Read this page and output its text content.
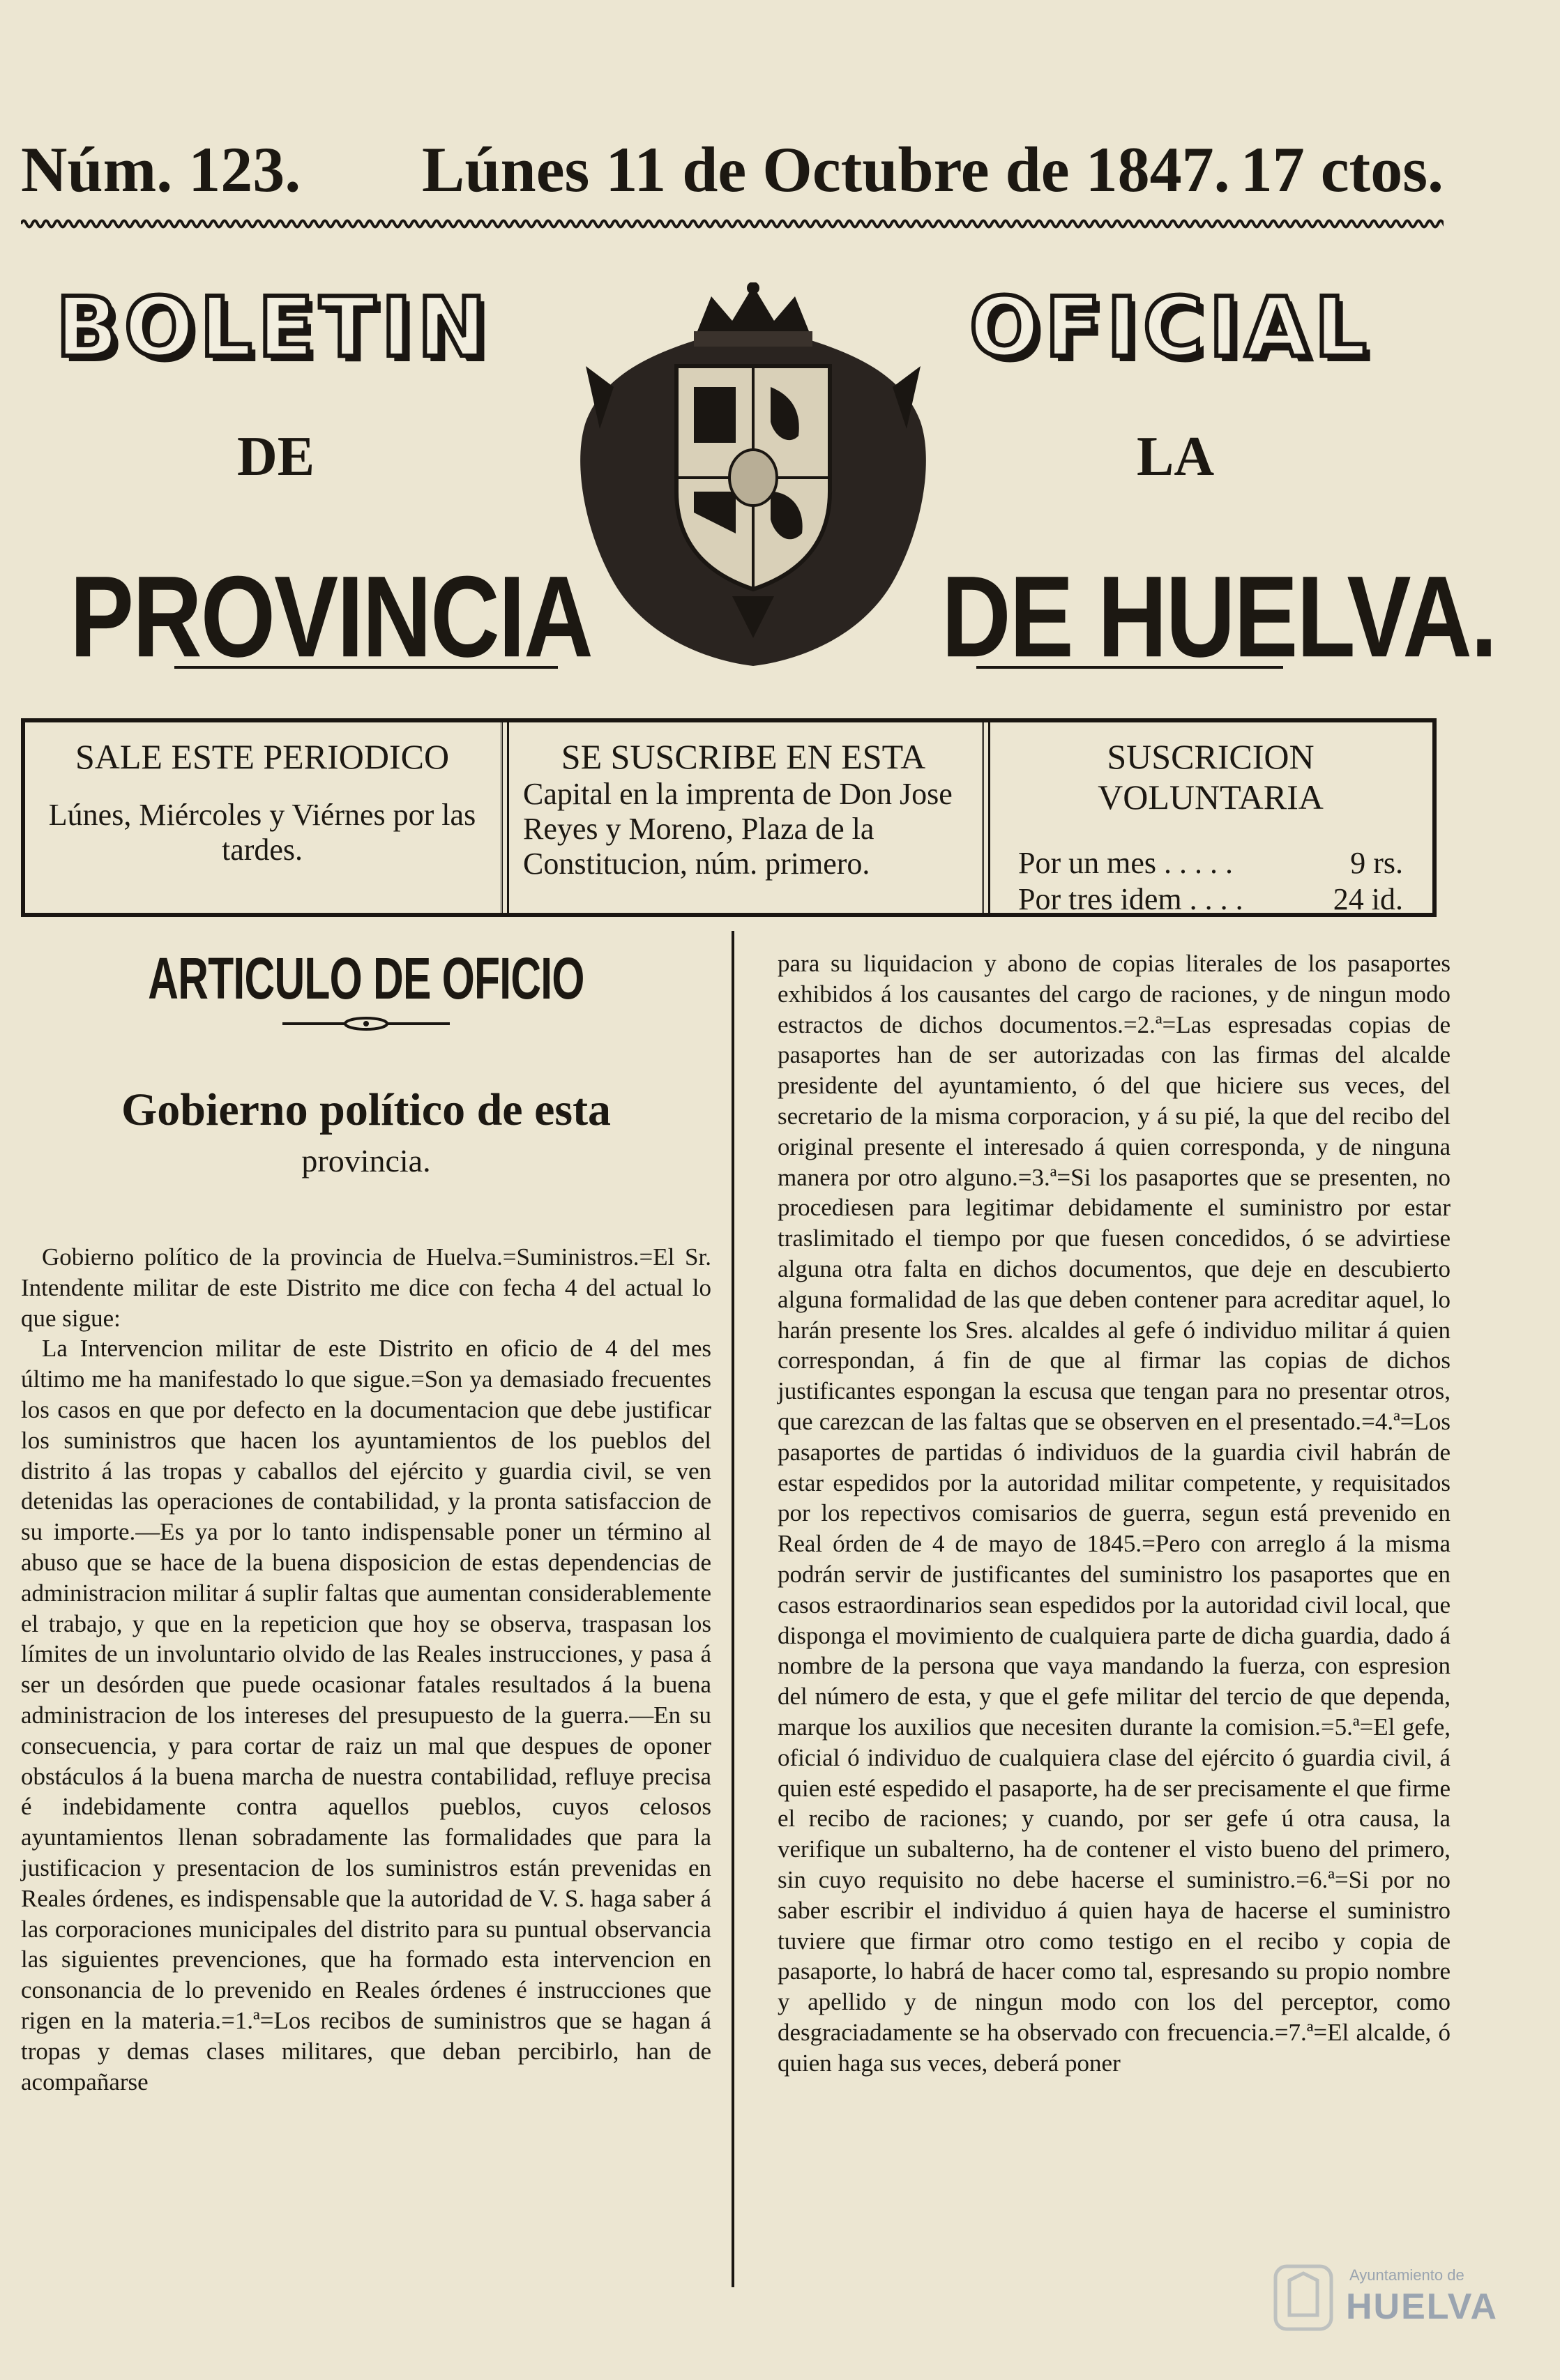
Núm. 123. Lúnes 11 de Octubre de 1847. 17 ctos.
BOLETIN	OFICIAL
DE	LA
PROVINCIA	DE HUELVA.
SALE ESTE PERIODICO
Lúnes, Miércoles y Viérnes por las tardes.
SE SUSCRIBE EN ESTA
Capital en la imprenta de Don Jose Reyes y Moreno, Plaza de la Constitucion, núm. primero.
SUSCRICION VOLUNTARIA
Por un mes . . . . .	9 rs.
Por tres idem . . . .	24 id.
ARTICULO DE OFICIO
Gobierno político de esta
provincia.

Gobierno político de la provincia de Huelva.=Suministros.=El Sr. Intendente militar de este Distrito me dice con fecha 4 del actual lo que sigue:

La Intervencion militar de este Distrito en oficio de 4 del mes último me ha manifestado lo que sigue.=Son ya demasiado frecuentes los casos en que por defecto en la documentacion que debe justificar los suministros que hacen los ayuntamientos de los pueblos del distrito á las tropas y caballos del ejército y guardia civil, se ven detenidas las operaciones de contabilidad, y la pronta satisfaccion de su importe.—Es ya por lo tanto indispensable poner un término al abuso que se hace de la buena disposicion de estas dependencias de administracion militar á suplir faltas que aumentan considerablemente el trabajo, y que en la repeticion que hoy se observa, traspasan los límites de un involuntario olvido de las Reales instrucciones, y pasa á ser un desórden que puede ocasionar fatales resultados á la buena administracion de los intereses del presupuesto de la guerra.—En su consecuencia, y para cortar de raiz un mal que despues de oponer obstáculos á la buena marcha de nuestra contabilidad, refluye precisa é indebidamente contra aquellos pueblos, cuyos celosos ayuntamientos llenan sobradamente las formalidades que para la justificacion y presentacion de los suministros están prevenidas en Reales órdenes, es indispensable que la autoridad de V. S. haga saber á las corporaciones municipales del distrito para su puntual observancia las siguientes prevenciones, que ha formado esta intervencion en consonancia de lo prevenido en Reales órdenes é instrucciones que rigen en la materia.=1.ª=Los recibos de suministros que se hagan á tropas y demas clases militares, que deban percibirlo, han de acompañarse

para su liquidacion y abono de copias literales de los pasaportes exhibidos á los causantes del cargo de raciones, y de ningun modo estractos de dichos documentos.=2.ª=Las espresadas copias de pasaportes han de ser autorizadas con las firmas del alcalde presidente del ayuntamiento, ó del que hiciere sus veces, del secretario de la misma corporacion, y á su pié, la que del recibo del original presente el interesado á quien corresponda, y de ninguna manera por otro alguno.=3.ª=Si los pasaportes que se presenten, no procediesen para legitimar debidamente el suministro por estar traslimitado el tiempo por que fuesen concedidos, ó se advirtiese alguna otra falta en dichos documentos, que deje en descubierto alguna formalidad de las que deben contener para acreditar aquel, lo harán presente los Sres. alcaldes al gefe ó individuo militar á quien correspondan, á fin de que al firmar las copias de dichos justificantes espongan la escusa que tengan para no presentar otros, que carezcan de las faltas que se observen en el presentado.=4.ª=Los pasaportes de partidas ó individuos de la guardia civil habrán de estar espedidos por la autoridad militar competente, y requisitados por los repectivos comisarios de guerra, segun está prevenido en Real órden de 4 de mayo de 1845.=Pero con arreglo á la misma podrán servir de justificantes del suministro los pasaportes que en casos estraordinarios sean espedidos por la autoridad civil local, que disponga el movimiento de cualquiera parte de dicha guardia, dado á nombre de la persona que vaya mandando la fuerza, con espresion del número de esta, y que el gefe militar del tercio de que dependa, marque los auxilios que necesiten durante la comision.=5.ª=El gefe, oficial ó individuo de cualquiera clase del ejército ó guardia civil, á quien esté espedido el pasaporte, ha de ser precisamente el que firme el recibo de raciones; y cuando, por ser gefe ú otra causa, la verifique un subalterno, ha de contener el visto bueno del primero, sin cuyo requisito no debe hacerse el suministro.=6.ª=Si por no saber escribir el individuo á quien haya de hacerse el suministro tuviere que firmar otro como testigo en el recibo y copia de pasaporte, lo habrá de hacer como tal, espresando su propio nombre y apellido y de ningun modo con los del perceptor, como desgraciadamente se ha observado con frecuencia.=7.ª=El alcalde, ó quien haga sus veces, deberá poner

Ayuntamiento de
HUELVA
